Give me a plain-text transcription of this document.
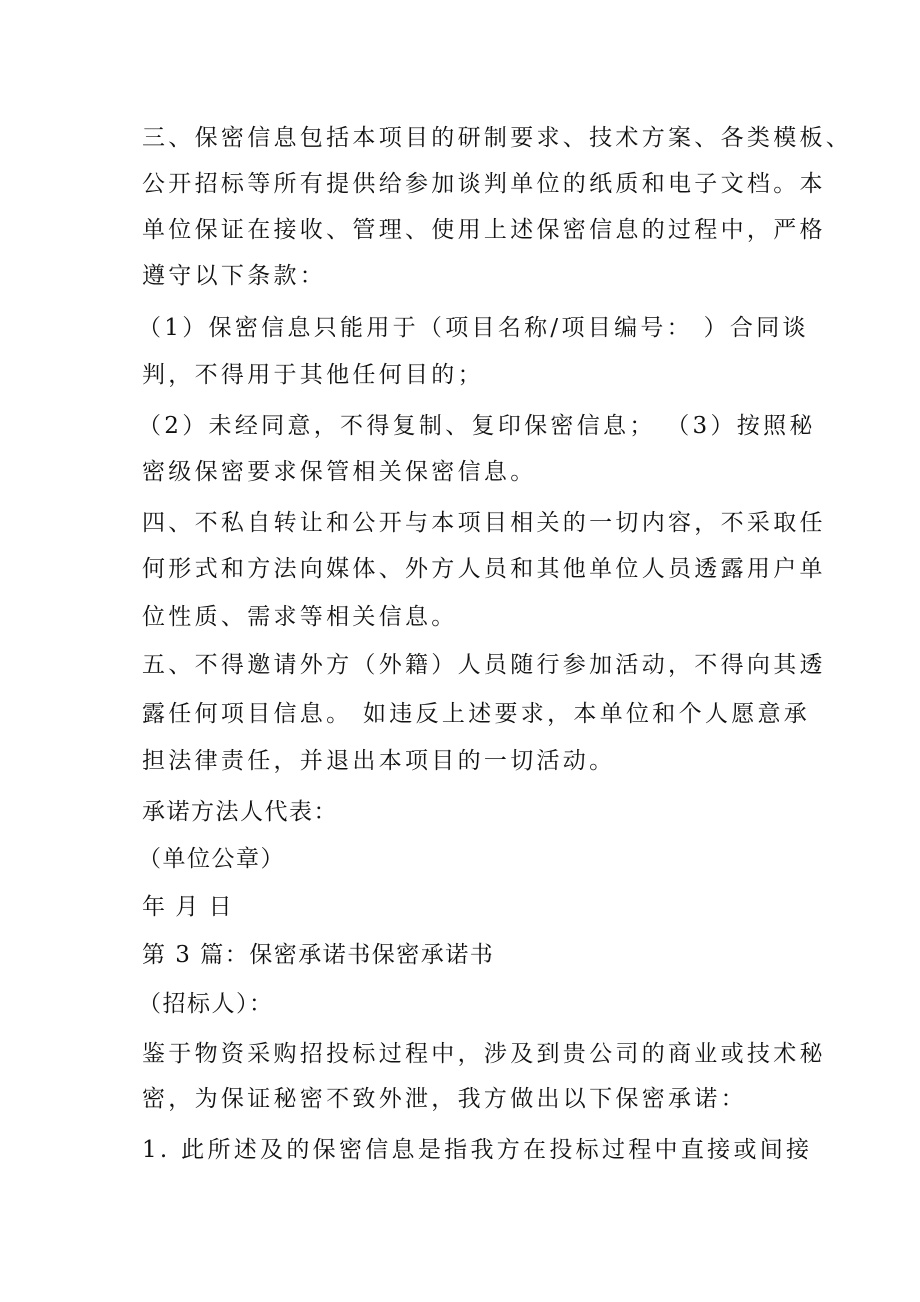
三、保密信息包括本项目的研制要求、技术方案、各类模板、
公开招标等所有提供给参加谈判单位的纸质和电子文档。本
单位保证在接收、管理、使用上述保密信息的过程中，严格
遵守以下条款：
（1）保密信息只能用于（项目名称/项目编号： ）合同谈
判，不得用于其他任何目的；
（2）未经同意，不得复制、复印保密信息； （3）按照秘
密级保密要求保管相关保密信息。
四、不私自转让和公开与本项目相关的一切内容，不采取任
何形式和方法向媒体、外方人员和其他单位人员透露用户单
位性质、需求等相关信息。
五、不得邀请外方（外籍）人员随行参加活动，不得向其透
露任何项目信息。 如违反上述要求，本单位和个人愿意承
担法律责任，并退出本项目的一切活动。
承诺方法人代表：
（单位公章）
年 月 日
第 3 篇：保密承诺书保密承诺书
（招标人）：
鉴于物资采购招投标过程中，涉及到贵公司的商业或技术秘
密，为保证秘密不致外泄，我方做出以下保密承诺：
1. 此所述及的保密信息是指我方在投标过程中直接或间接
